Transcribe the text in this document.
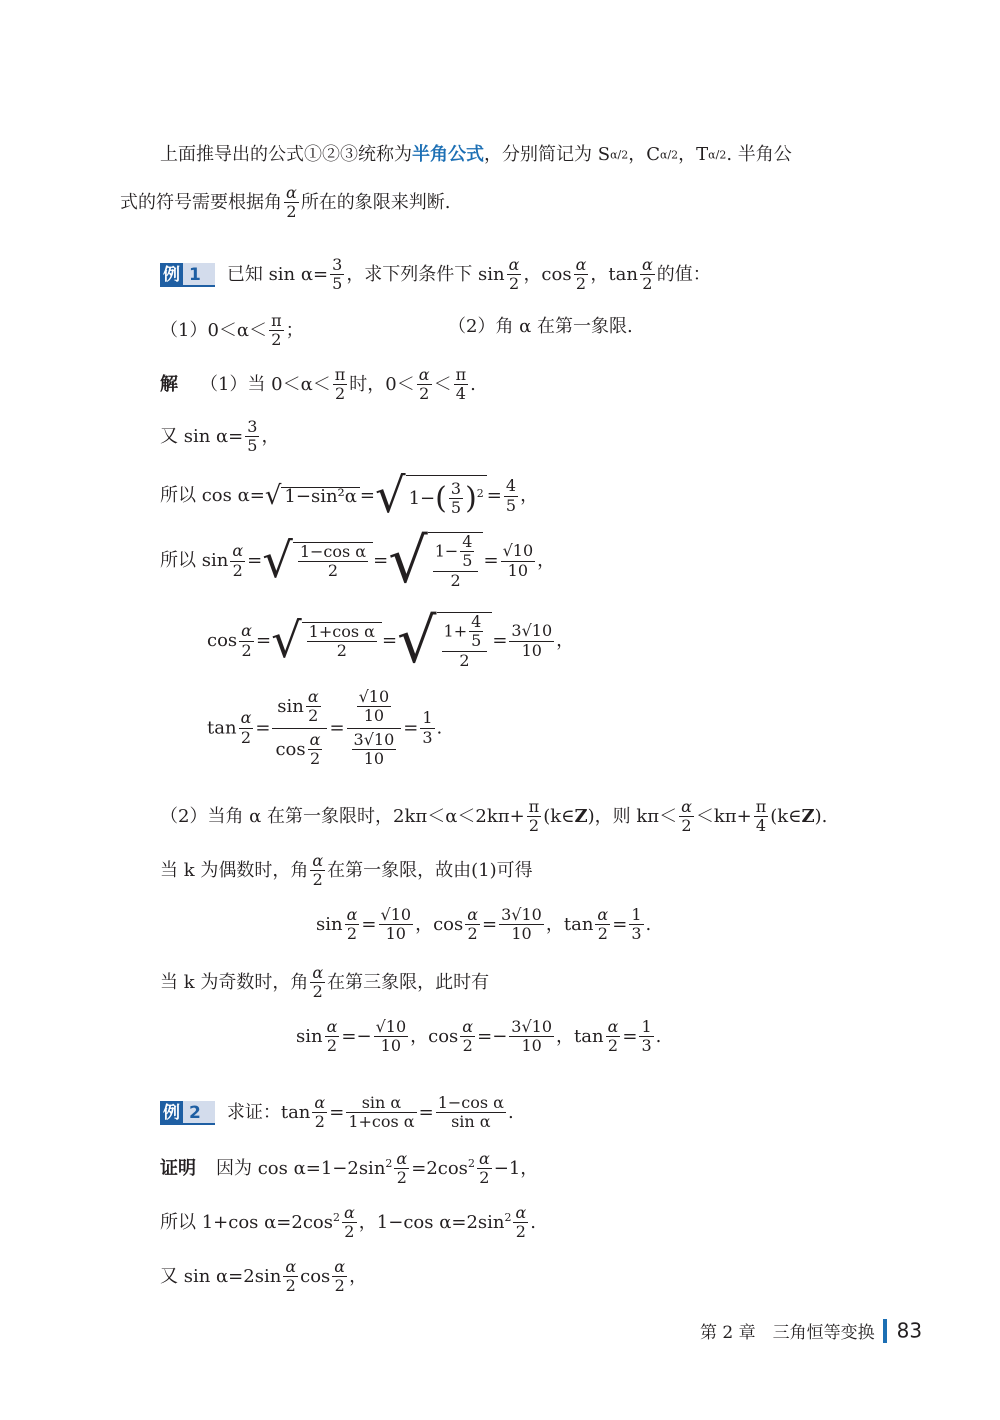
上面推导出的公式①②③统称为半角公式，分别简记为 Sα/2，Cα/2，Tα/2. 半角公
式的符号需要根据角 $\frac{\alpha}{2}$ 所在的象限来判断.
例 1	已知 $\sin \alpha= \frac{3}{5}$ ，求下列条件下 $\sin \frac{\alpha}{2}$ ，$\cos \frac{\alpha}{2}$ ，$\tan \frac{\alpha}{2}$ 的值：
$(1)0<\alpha< \frac{\pi}{2}$ ；	（2）角 α 在第一象限.
解 （1）当 $0<\alpha< \frac{\pi}{2}$ 时，$0< \frac{\alpha}{2} < \frac{\pi}{4}$ .
又 $\sin \alpha= \frac{3}{5}$ ，
所以 cos α=√ 1−sin²α =√ $1-( \frac{3}{5} )^2 = \frac{4}{5}$ ，
所以 $\sin \frac{\alpha}{2}$ =√ $\frac{\text{1−cos α}}{2}$ =√ $\frac{1- \frac{4}{5}}{2} = \frac{√10}{10}$ ，
$\cos \frac{\alpha}{2}$ =√ $\frac{\text{1+cos α}}{2}$ =√ $\frac{1+ \frac{4}{5}}{2} = \frac{3√10}{10}$ ，
$\tan \frac{\alpha}{2} = \frac{\sin \frac{\alpha}{2}}{\cos \frac{\alpha}{2}} = \frac{\frac{√10}{10}}{\frac{3√10}{10}} = \frac{1}{3}$ .
（2）当角 α 在第一象限时，$2k\pi<\alpha<2k\pi+ \frac{\pi}{2}$ (k∈Z)，则 $k\pi< \frac{\alpha}{2} <k\pi+ \frac{\pi}{4}$ (k∈Z).
当 k 为偶数时，角 $\frac{\alpha}{2}$ 在第一象限，故由(1)可得
$\sin \frac{\alpha}{2} = \frac{√10}{10}$ ，$\cos \frac{\alpha}{2} = \frac{3√10}{10}$ ，$\tan \frac{\alpha}{2} = \frac{1}{3}$ .
当 k 为奇数时，角 $\frac{\alpha}{2}$ 在第三象限，此时有
$\sin \frac{\alpha}{2} =- \frac{√10}{10}$ ，$\cos \frac{\alpha}{2} =- \frac{3√10}{10}$ ，$\tan \frac{\alpha}{2} = \frac{1}{3}$ .
例 2	求证：$\tan \frac{\alpha}{2} = \frac{\text{sin α}}{\text{1+cos α}} = \frac{\text{1−cos α}}{\text{sin α}}$ .
证明 因为 $\cos \alpha=1-2\sin^2 \frac{\alpha}{2} =2\cos^2 \frac{\alpha}{2} -1$，
所以 1+cos $\alpha=2\cos^2 \frac{\alpha}{2}$ ，1−cos $\alpha=2\sin^2 \frac{\alpha}{2}$ .
又 $\sin \alpha=2\sin \frac{\alpha}{2}$ $\cos \frac{\alpha}{2}$ ，
第 2 章　三角恒等变换 83
